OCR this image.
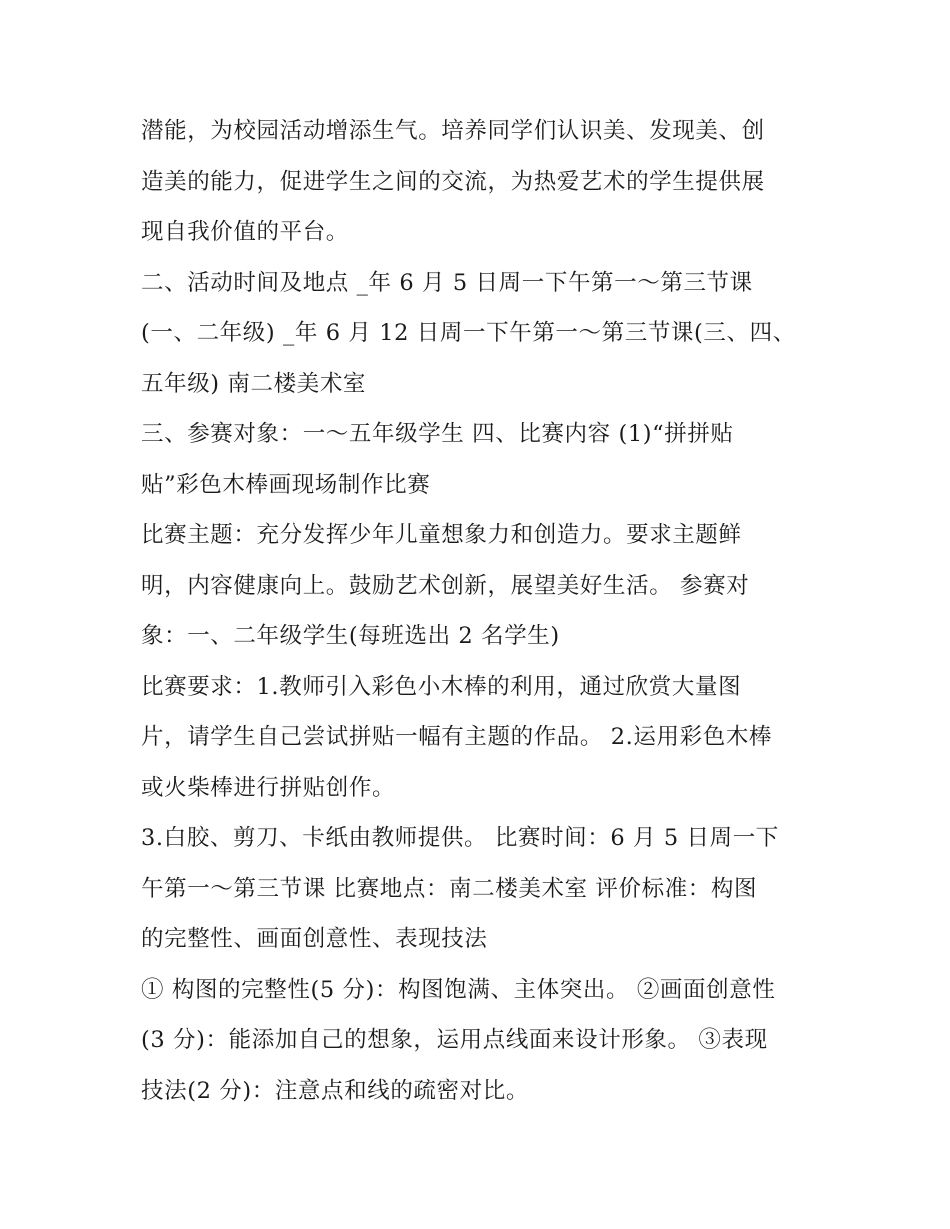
潜能，为校园活动增添生气。培养同学们认识美、发现美、创
造美的能力，促进学生之间的交流，为热爱艺术的学生提供展
现自我价值的平台。
二、活动时间及地点 _年 6 月 5 日周一下午第一～第三节课
(一、二年级) _年 6 月 12 日周一下午第一～第三节课(三、四、
五年级) 南二楼美术室
三、参赛对象：一～五年级学生 四、比赛内容 (1)“拼拼贴
贴”彩色木棒画现场制作比赛
比赛主题：充分发挥少年儿童想象力和创造力。要求主题鲜
明，内容健康向上。鼓励艺术创新，展望美好生活。 参赛对
象：一、二年级学生(每班选出 2 名学生)
比赛要求：1.教师引入彩色小木棒的利用，通过欣赏大量图
片，请学生自己尝试拼贴一幅有主题的作品。 2.运用彩色木棒
或火柴棒进行拼贴创作。
3.白胶、剪刀、卡纸由教师提供。 比赛时间：6 月 5 日周一下
午第一～第三节课 比赛地点：南二楼美术室 评价标准：构图
的完整性、画面创意性、表现技法
① 构图的完整性(5 分)：构图饱满、主体突出。 ②画面创意性
(3 分)：能添加自己的想象，运用点线面来设计形象。 ③表现
技法(2 分)：注意点和线的疏密对比。
